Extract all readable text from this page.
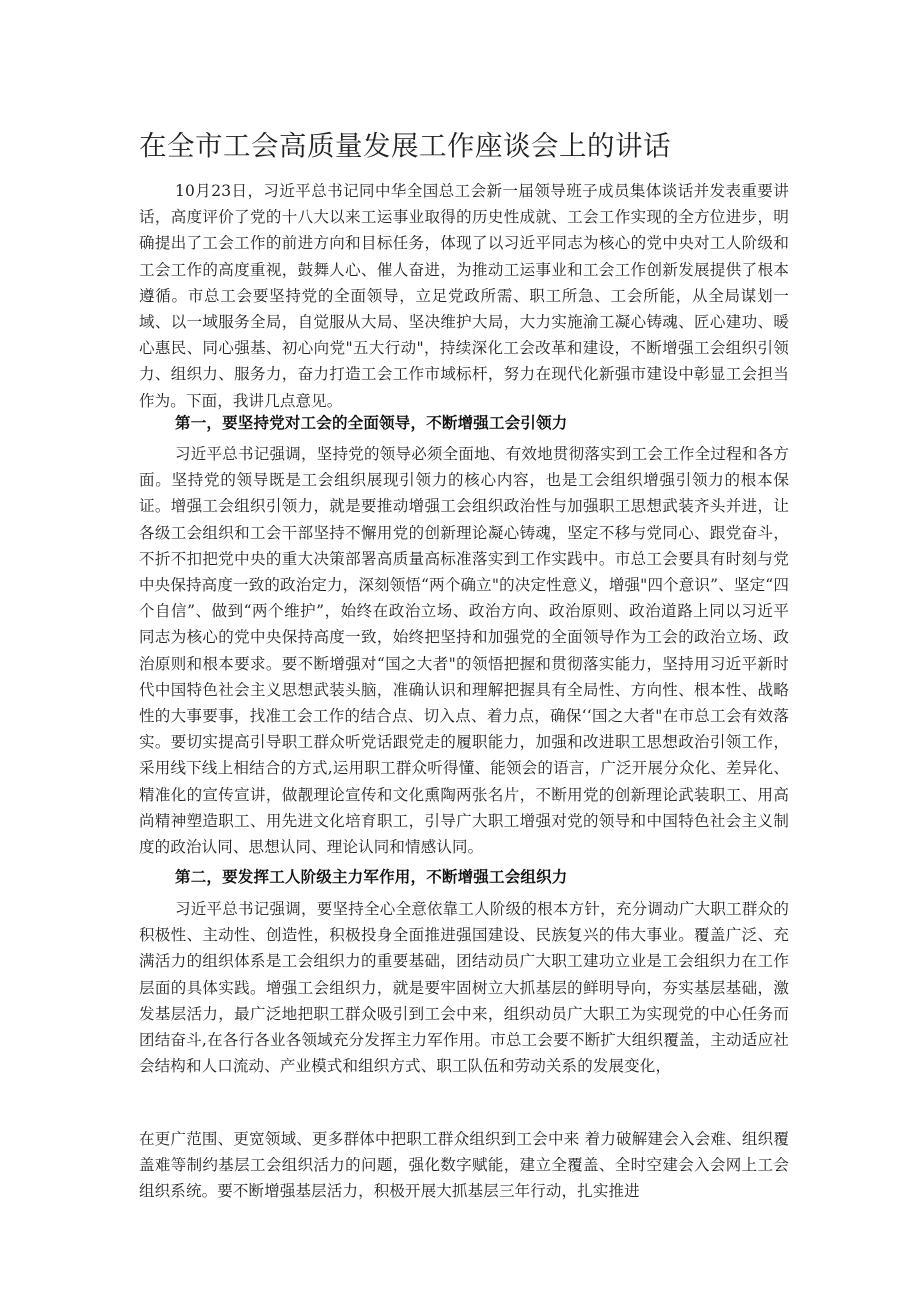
在全市工会高质量发展工作座谈会上的讲话

10月23日，习近平总书记同中华全国总工会新一届领导班子成员集体谈话并发表重要讲话，高度评价了党的十八大以来工运事业取得的历史性成就、工会工作实现的全方位进步，明确提出了工会工作的前进方向和目标任务，体现了以习近平同志为核心的党中央对工人阶级和工会工作的高度重视，鼓舞人心、催人奋进，为推动工运事业和工会工作创新发展提供了根本遵循。市总工会要坚持党的全面领导，立足党政所需、职工所急、工会所能，从全局谋划一域、以一域服务全局，自觉服从大局、坚决维护大局，大力实施渝工凝心铸魂、匠心建功、暖心惠民、同心强基、初心向党"五大行动"，持续深化工会改革和建设，不断增强工会组织引领力、组织力、服务力，奋力打造工会工作市域标杆，努力在现代化新强市建设中彰显工会担当作为。下面，我讲几点意见。

第一，要坚持党对工会的全面领导，不断增强工会引领力

习近平总书记强调，坚持党的领导必须全面地、有效地贯彻落实到工会工作全过程和各方面。坚持党的领导既是工会组织展现引领力的核心内容，也是工会组织增强引领力的根本保证。增强工会组织引领力，就是要推动增强工会组织政治性与加强职工思想武装齐头并进，让各级工会组织和工会干部坚持不懈用党的创新理论凝心铸魂，坚定不移与党同心、跟党奋斗，不折不扣把党中央的重大决策部署高质量高标准落实到工作实践中。市总工会要具有时刻与党中央保持高度一致的政治定力，深刻领悟“两个确立"的决定性意义，增强"四个意识”、坚定“四个自信”、做到“两个维护”，始终在政治立场、政治方向、政治原则、政治道路上同以习近平同志为核心的党中央保持高度一致，始终把坚持和加强党的全面领导作为工会的政治立场、政治原则和根本要求。要不断增强对“国之大者"的领悟把握和贯彻落实能力，坚持用习近平新时代中国特色社会主义思想武装头脑，准确认识和理解把握具有全局性、方向性、根本性、战略性的大事要事，找准工会工作的结合点、切入点、着力点，确保‘‘国之大者"在市总工会有效落实。要切实提高引导职工群众听党话跟党走的履职能力，加强和改进职工思想政治引领工作，采用线下线上相结合的方式,运用职工群众听得懂、能领会的语言，广泛开展分众化、差异化、精准化的宣传宣讲，做靓理论宣传和文化熏陶两张名片，不断用党的创新理论武装职工、用高尚精神塑造职工、用先进文化培育职工，引导广大职工增强对党的领导和中国特色社会主义制度的政治认同、思想认同、理论认同和情感认同。

第二，要发挥工人阶级主力军作用，不断增强工会组织力

习近平总书记强调，要坚持全心全意依靠工人阶级的根本方针，充分调动广大职工群众的积极性、主动性、创造性，积极投身全面推进强国建设、民族复兴的伟大事业。覆盖广泛、充满活力的组织体系是工会组织力的重要基础，团结动员广大职工建功立业是工会组织力在工作层面的具体实践。增强工会组织力，就是要牢固树立大抓基层的鲜明导向，夯实基层基础，激发基层活力，最广泛地把职工群众吸引到工会中来，组织动员广大职工为实现党的中心任务而团结奋斗,在各行各业各领域充分发挥主力军作用。市总工会要不断扩大组织覆盖，主动适应社会结构和人口流动、产业模式和组织方式、职工队伍和劳动关系的发展变化，

在更广范围、更宽领域、更多群体中把职工群众组织到工会中来 着力破解建会入会难、组织覆盖难等制约基层工会组织活力的问题，强化数字赋能，建立全覆盖、全时空建会入会网上工会组织系统。要不断增强基层活力，积极开展大抓基层三年行动，扎实推进
